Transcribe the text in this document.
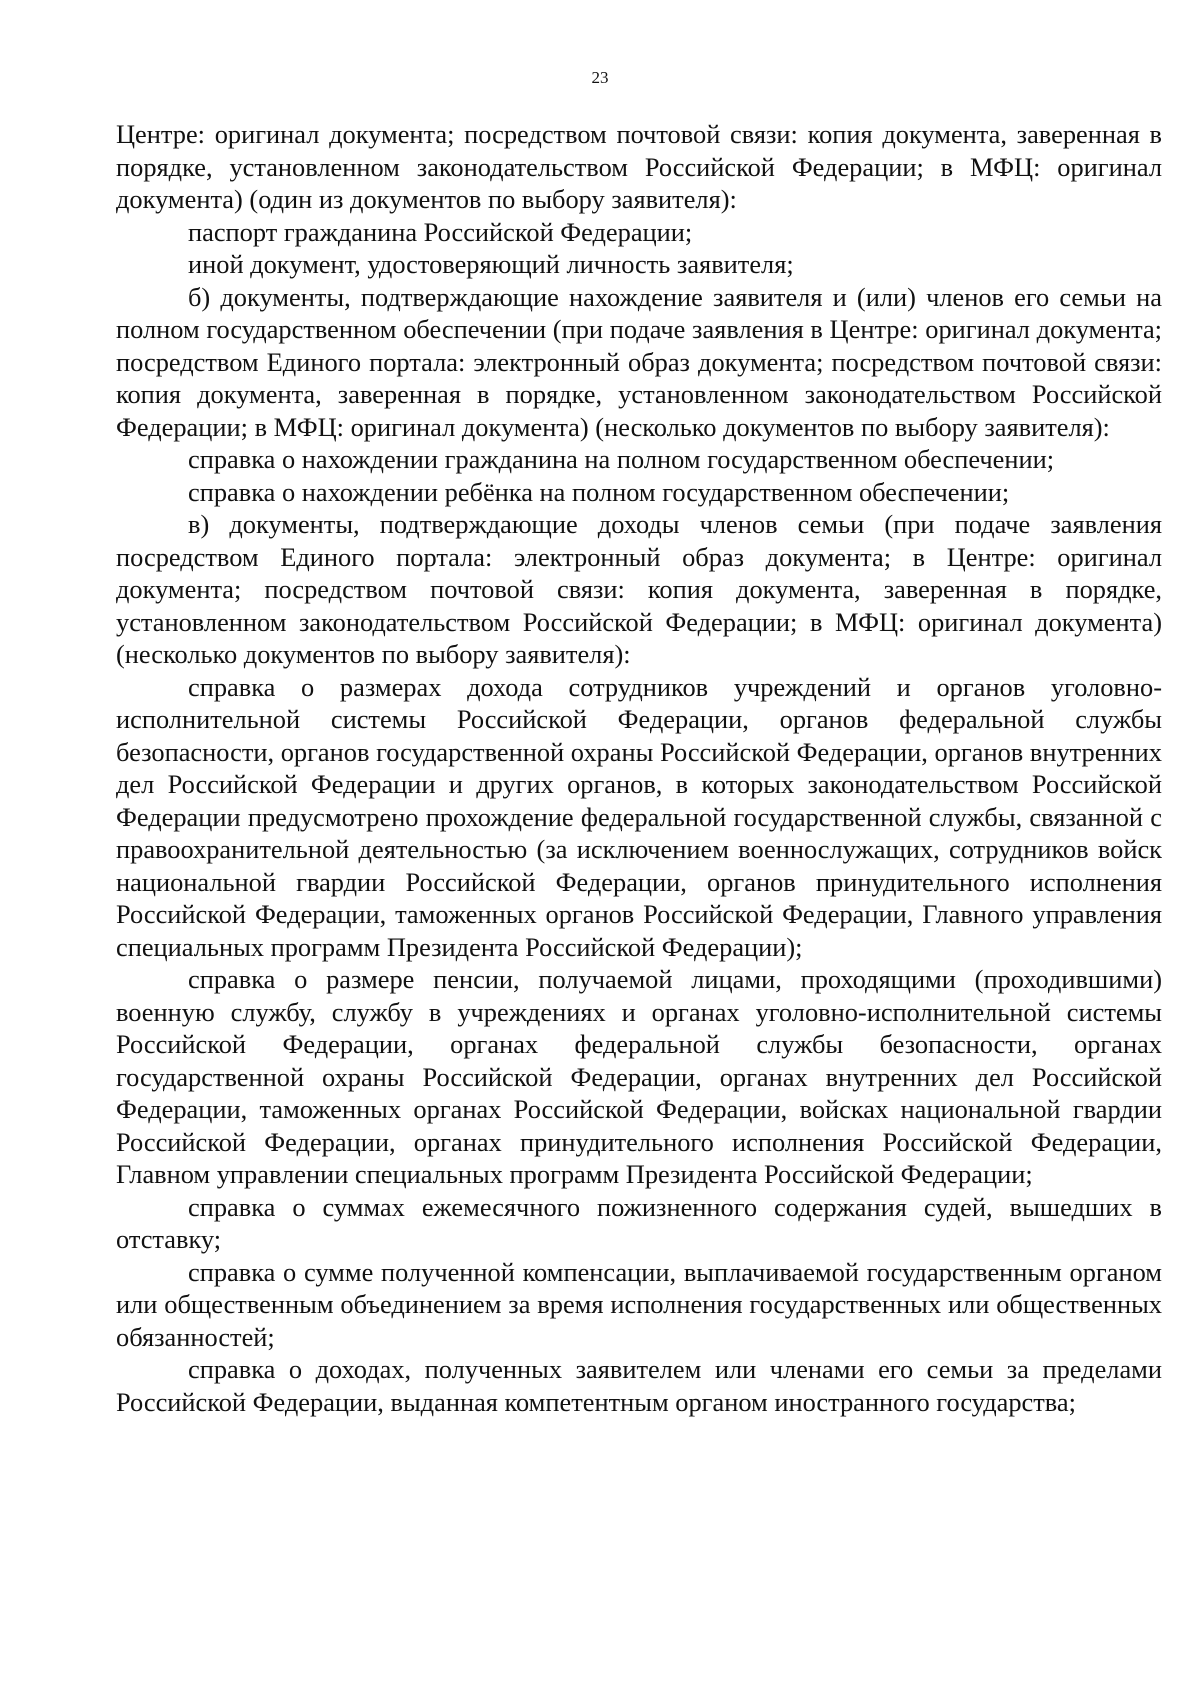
23

Центре: оригинал документа; посредством почтовой связи: копия документа, заверенная в порядке, установленном законодательством Российской Федерации; в МФЦ: оригинал документа) (один из документов по выбору заявителя):

паспорт гражданина Российской Федерации;

иной документ, удостоверяющий личность заявителя;

б) документы, подтверждающие нахождение заявителя и (или) членов его семьи на полном государственном обеспечении (при подаче заявления в Центре: оригинал документа; посредством Единого портала: электронный образ документа; посредством почтовой связи: копия документа, заверенная в порядке, установленном законодательством Российской Федерации; в МФЦ: оригинал документа) (несколько документов по выбору заявителя):

справка о нахождении гражданина на полном государственном обеспечении;

справка о нахождении ребёнка на полном государственном обеспечении;

в) документы, подтверждающие доходы членов семьи (при подаче заявления посредством Единого портала: электронный образ документа; в Центре: оригинал документа; посредством почтовой связи: копия документа, заверенная в порядке, установленном законодательством Российской Федерации; в МФЦ: оригинал документа) (несколько документов по выбору заявителя):

справка о размерах дохода сотрудников учреждений и органов уголовно-исполнительной системы Российской Федерации, органов федеральной службы безопасности, органов государственной охраны Российской Федерации, органов внутренних дел Российской Федерации и других органов, в которых законодательством Российской Федерации предусмотрено прохождение федеральной государственной службы, связанной с правоохранительной деятельностью (за исключением военнослужащих, сотрудников войск национальной гвардии Российской Федерации, органов принудительного исполнения Российской Федерации, таможенных органов Российской Федерации, Главного управления специальных программ Президента Российской Федерации);

справка о размере пенсии, получаемой лицами, проходящими (проходившими) военную службу, службу в учреждениях и органах уголовно-исполнительной системы Российской Федерации, органах федеральной службы безопасности, органах государственной охраны Российской Федерации, органах внутренних дел Российской Федерации, таможенных органах Российской Федерации, войсках национальной гвардии Российской Федерации, органах принудительного исполнения Российской Федерации, Главном управлении специальных программ Президента Российской Федерации;

справка о суммах ежемесячного пожизненного содержания судей, вышедших в отставку;

справка о сумме полученной компенсации, выплачиваемой государственным органом или общественным объединением за время исполнения государственных или общественных обязанностей;

справка о доходах, полученных заявителем или членами его семьи за пределами Российской Федерации, выданная компетентным органом иностранного государства;
